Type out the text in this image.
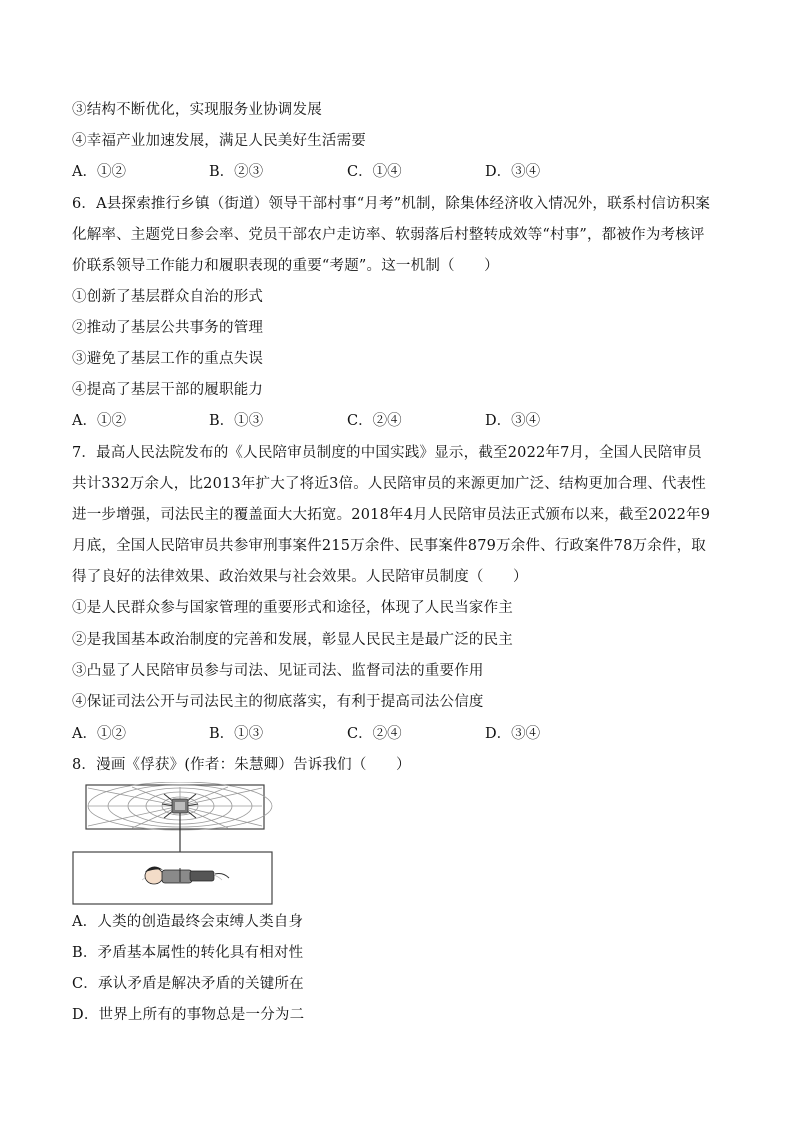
③结构不断优化，实现服务业协调发展
④幸福产业加速发展，满足人民美好生活需要
A．①②	B．②③	C．①④	D．③④
6．A县探索推行乡镇（街道）领导干部村事“月考”机制，除集体经济收入情况外，联系村信访积案
化解率、主题党日参会率、党员干部农户走访率、软弱落后村整转成效等“村事”，都被作为考核评
价联系领导工作能力和履职表现的重要“考题”。这一机制（　　）
①创新了基层群众自治的形式
②推动了基层公共事务的管理
③避免了基层工作的重点失误
④提高了基层干部的履职能力
A．①②	B．①③	C．②④	D．③④
7．最高人民法院发布的《人民陪审员制度的中国实践》显示，截至2022年7月，全国人民陪审员
共计332万余人，比2013年扩大了将近3倍。人民陪审员的来源更加广泛、结构更加合理、代表性
进一步增强，司法民主的覆盖面大大拓宽。2018年4月人民陪审员法正式颁布以来，截至2022年9
月底，全国人民陪审员共参审刑事案件215万余件、民事案件879万余件、行政案件78万余件，取
得了良好的法律效果、政治效果与社会效果。人民陪审员制度（　　）
①是人民群众参与国家管理的重要形式和途径，体现了人民当家作主
②是我国基本政治制度的完善和发展，彰显人民民主是最广泛的民主
③凸显了人民陪审员参与司法、见证司法、监督司法的重要作用
④保证司法公开与司法民主的彻底落实，有利于提高司法公信度
A．①②	B．①③	C．②④	D．③④
8．漫画《俘获》(作者：朱慧卿）告诉我们（　　）
A．人类的创造最终会束缚人类自身
B．矛盾基本属性的转化具有相对性
C．承认矛盾是解决矛盾的关键所在
D．世界上所有的事物总是一分为二
